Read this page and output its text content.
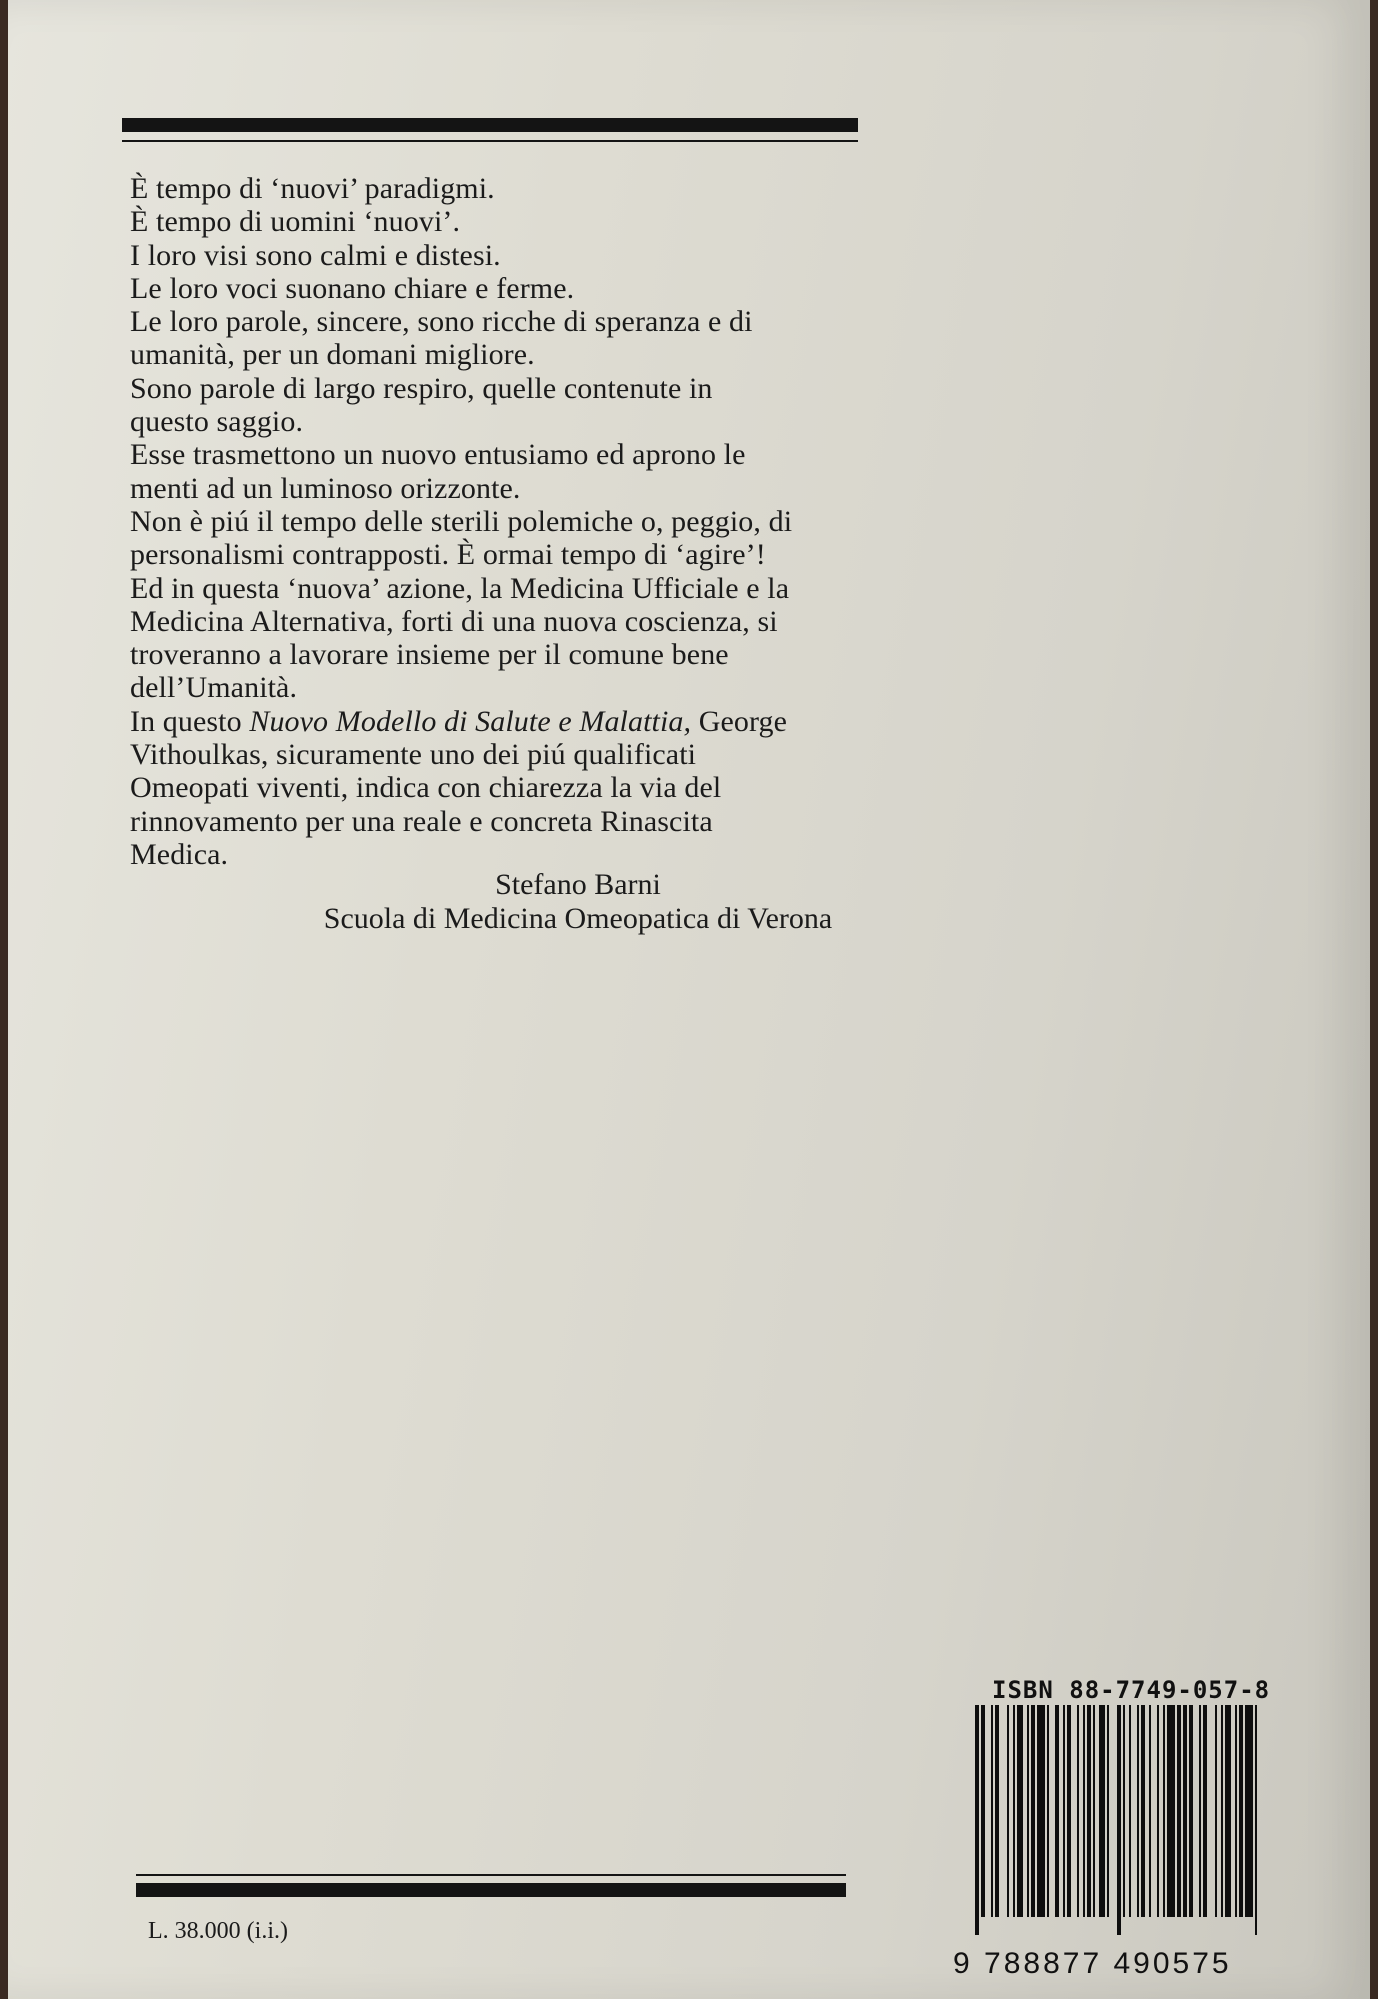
È tempo di ‘nuovi’ paradigmi.
È tempo di uomini ‘nuovi’.
I loro visi sono calmi e distesi.
Le loro voci suonano chiare e ferme.
Le loro parole, sincere, sono ricche di speranza e di
umanità, per un domani migliore.
Sono parole di largo respiro, quelle contenute in
questo saggio.
Esse trasmettono un nuovo entusiamo ed aprono le
menti ad un luminoso orizzonte.
Non è piú il tempo delle sterili polemiche o, peggio, di
personalismi contrapposti. È ormai tempo di ‘agire’!
Ed in questa ‘nuova’ azione, la Medicina Ufficiale e la
Medicina Alternativa, forti di una nuova coscienza, si
troveranno a lavorare insieme per il comune bene
dell’Umanità.
In questo Nuovo Modello di Salute e Malattia, George
Vithoulkas, sicuramente uno dei piú qualificati
Omeopati viventi, indica con chiarezza la via del
rinnovamento per una reale e concreta Rinascita
Medica.
Stefano Barni
Scuola di Medicina Omeopatica di Verona
ISBN 88-7749-057-8
9 788877 490575
L. 38.000 (i.i.)
